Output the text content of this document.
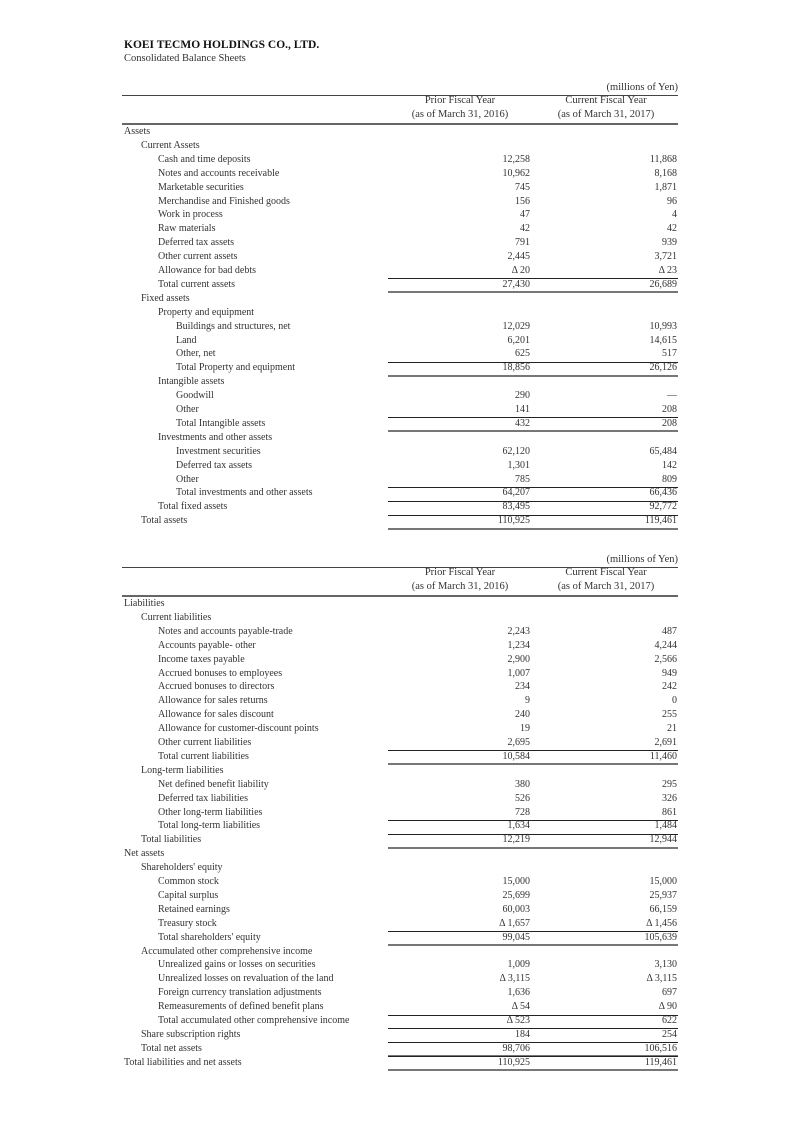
KOEI TECMO HOLDINGS CO., LTD.
Consolidated Balance Sheets
(millions of Yen)
Prior Fiscal Year
(as of March 31, 2016)
Current Fiscal Year
(as of March 31, 2017)
Assets
Current Assets
Cash and time deposits	12,258	11,868
Notes and accounts receivable	10,962	8,168
Marketable securities	745	1,871
Merchandise and Finished goods	156	96
Work in process	47	4
Raw materials	42	42
Deferred tax assets	791	939
Other current assets	2,445	3,721
Allowance for bad debts	Δ 20	Δ 23
Total current assets	27,430	26,689
Fixed assets
Property and equipment
Buildings and structures, net	12,029	10,993
Land	6,201	14,615
Other, net	625	517
Total Property and equipment	18,856	26,126
Intangible assets
Goodwill	290	—
Other	141	208
Total Intangible assets	432	208
Investments and other assets
Investment securities	62,120	65,484
Deferred tax assets	1,301	142
Other	785	809
Total investments and other assets	64,207	66,436
Total fixed assets	83,495	92,772
Total assets	110,925	119,461
(millions of Yen)
Prior Fiscal Year
(as of March 31, 2016)
Current Fiscal Year
(as of March 31, 2017)
Liabilities
Current liabilities
Notes and accounts payable-trade	2,243	487
Accounts payable- other	1,234	4,244
Income taxes payable	2,900	2,566
Accrued bonuses to employees	1,007	949
Accrued bonuses to directors	234	242
Allowance for sales returns	9	0
Allowance for sales discount	240	255
Allowance for customer-discount points	19	21
Other current liabilities	2,695	2,691
Total current liabilities	10,584	11,460
Long-term liabilities
Net defined benefit liability	380	295
Deferred tax liabilities	526	326
Other long-term liabilities	728	861
Total long-term liabilities	1,634	1,484
Total liabilities	12,219	12,944
Net assets
Shareholders' equity
Common stock	15,000	15,000
Capital surplus	25,699	25,937
Retained earnings	60,003	66,159
Treasury stock	Δ 1,657	Δ 1,456
Total shareholders' equity	99,045	105,639
Accumulated other comprehensive income
Unrealized gains or losses on securities	1,009	3,130
Unrealized losses on revaluation of the land	Δ 3,115	Δ 3,115
Foreign currency translation adjustments	1,636	697
Remeasurements of defined benefit plans	Δ 54	Δ 90
Total accumulated other comprehensive income	Δ 523	622
Share subscription rights	184	254
Total net assets	98,706	106,516
Total liabilities and net assets	110,925	119,461
